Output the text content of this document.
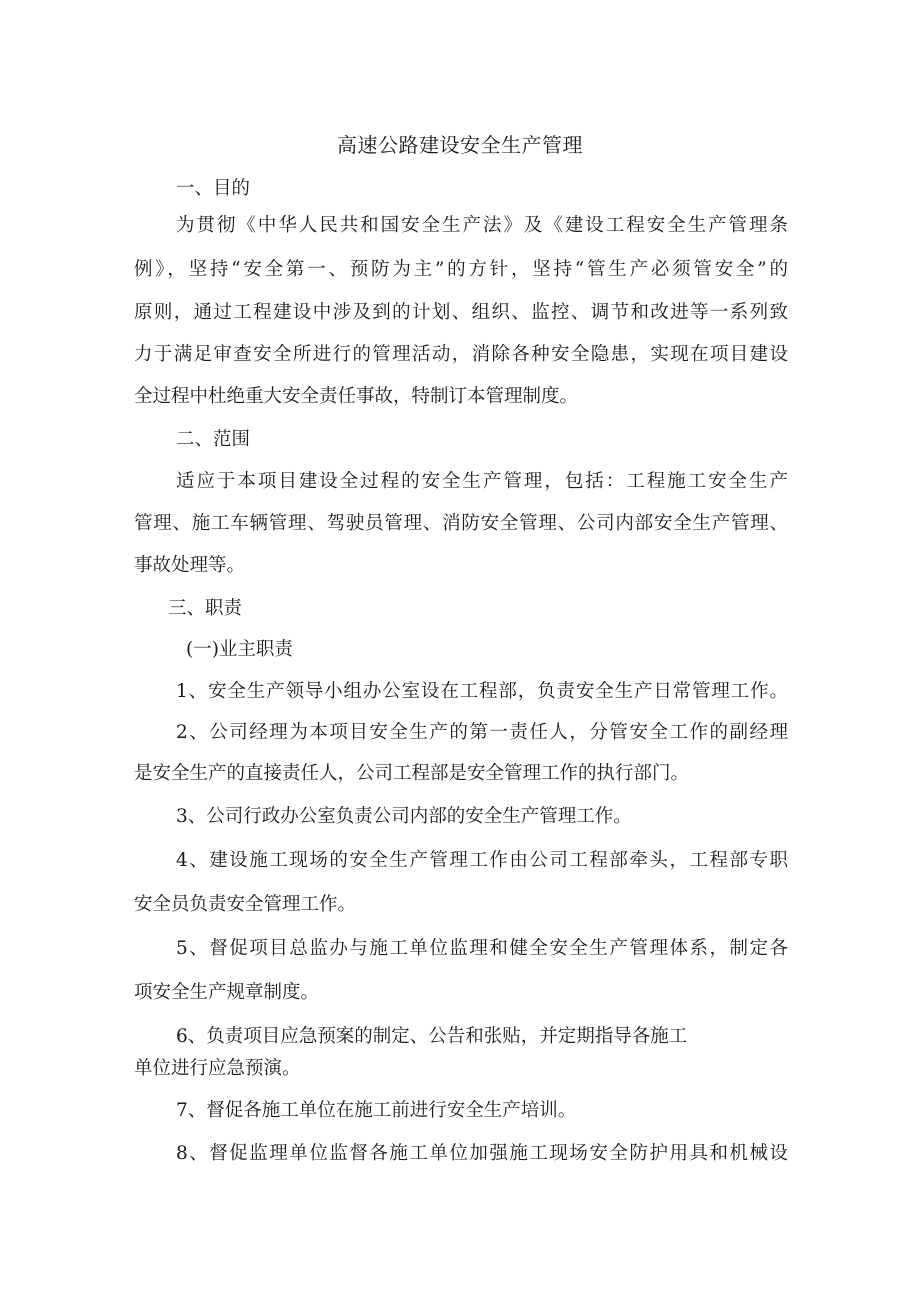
高速公路建设安全生产管理
一、目的
为贯彻《中华人民共和国安全生产法》及《建设工程安全生产管理条
例》，坚持“安全第一、预防为主”的方针，坚持“管生产必须管安全”的
原则，通过工程建设中涉及到的计划、组织、监控、调节和改进等一系列致
力于满足审查安全所进行的管理活动，消除各种安全隐患，实现在项目建设
全过程中杜绝重大安全责任事故，特制订本管理制度。
二、范围
适应于本项目建设全过程的安全生产管理，包括：工程施工安全生产
管理、施工车辆管理、驾驶员管理、消防安全管理、公司内部安全生产管理、
事故处理等。
三、职责
(一)业主职责
1、安全生产领导小组办公室设在工程部，负责安全生产日常管理工作。
2、公司经理为本项目安全生产的第一责任人，分管安全工作的副经理
是安全生产的直接责任人，公司工程部是安全管理工作的执行部门。
3、公司行政办公室负责公司内部的安全生产管理工作。
4、建设施工现场的安全生产管理工作由公司工程部牵头，工程部专职
安全员负责安全管理工作。
5、督促项目总监办与施工单位监理和健全安全生产管理体系，制定各
项安全生产规章制度。
6、负责项目应急预案的制定、公告和张贴，并定期指导各施工
单位进行应急预演。
7、督促各施工单位在施工前进行安全生产培训。
8、督促监理单位监督各施工单位加强施工现场安全防护用具和机械设
